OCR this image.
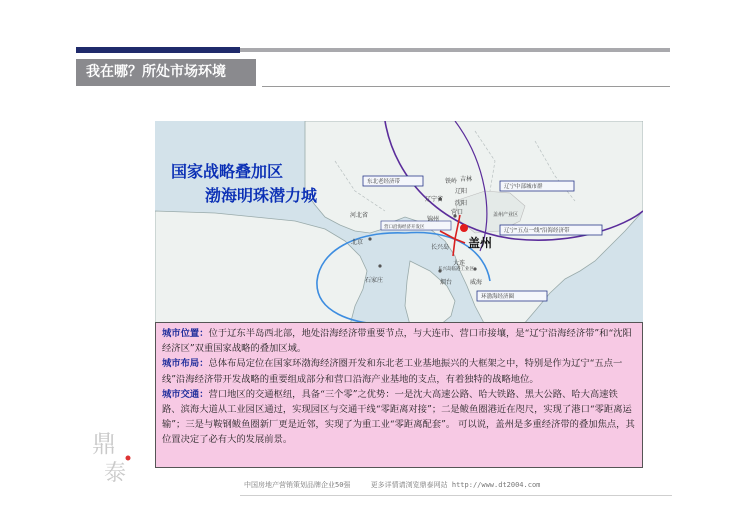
我在哪？所处市场环境
东北老经济带
辽宁中部城市群
辽宁"五点一线"沿海经济带
环渤海经济圈
营口沿海经济开发区
盖州产业区
长兴岛临港工业区
北京
石家庄
河北省
铁岭
辽宁省
沈阳
吉林
营口
辽阳
大连
烟台	威海
锦州
长兴岛 盖州
国家战略叠加区
渤海明珠潜力城

城市位置：位于辽东半岛西北部，地处沿海经济带重要节点，与大连市、营口市接壤，是“辽宁沿海经济带”和“沈阳经济区”双重国家战略的叠加区域。

城市布局：总体布局定位在国家环渤海经济圈开发和东北老工业基地振兴的大框架之中，特别是作为辽宁“五点一线”沿海经济带开发战略的重要组成部分和营口沿海产业基地的支点，有着独特的战略地位。

城市交通：营口地区的交通枢纽，具备“三个零”之优势：一是沈大高速公路、哈大铁路、黑大公路、哈大高速铁路、滨海大道从工业园区通过，实现园区与交通干线“零距离对接”；二是鲅鱼圈港近在咫尺，实现了港口“零距离运输”；三是与鞍钢鲅鱼圈新厂更是近邻，实现了为重工业“零距离配套”。 可以说，盖州是多重经济带的叠加焦点，其位置决定了必有大的发展前景。

鼎
泰	中国房地产营销策划品牌企业50强	更多详情请浏览鼎泰网站 http://www.dt2004.com
